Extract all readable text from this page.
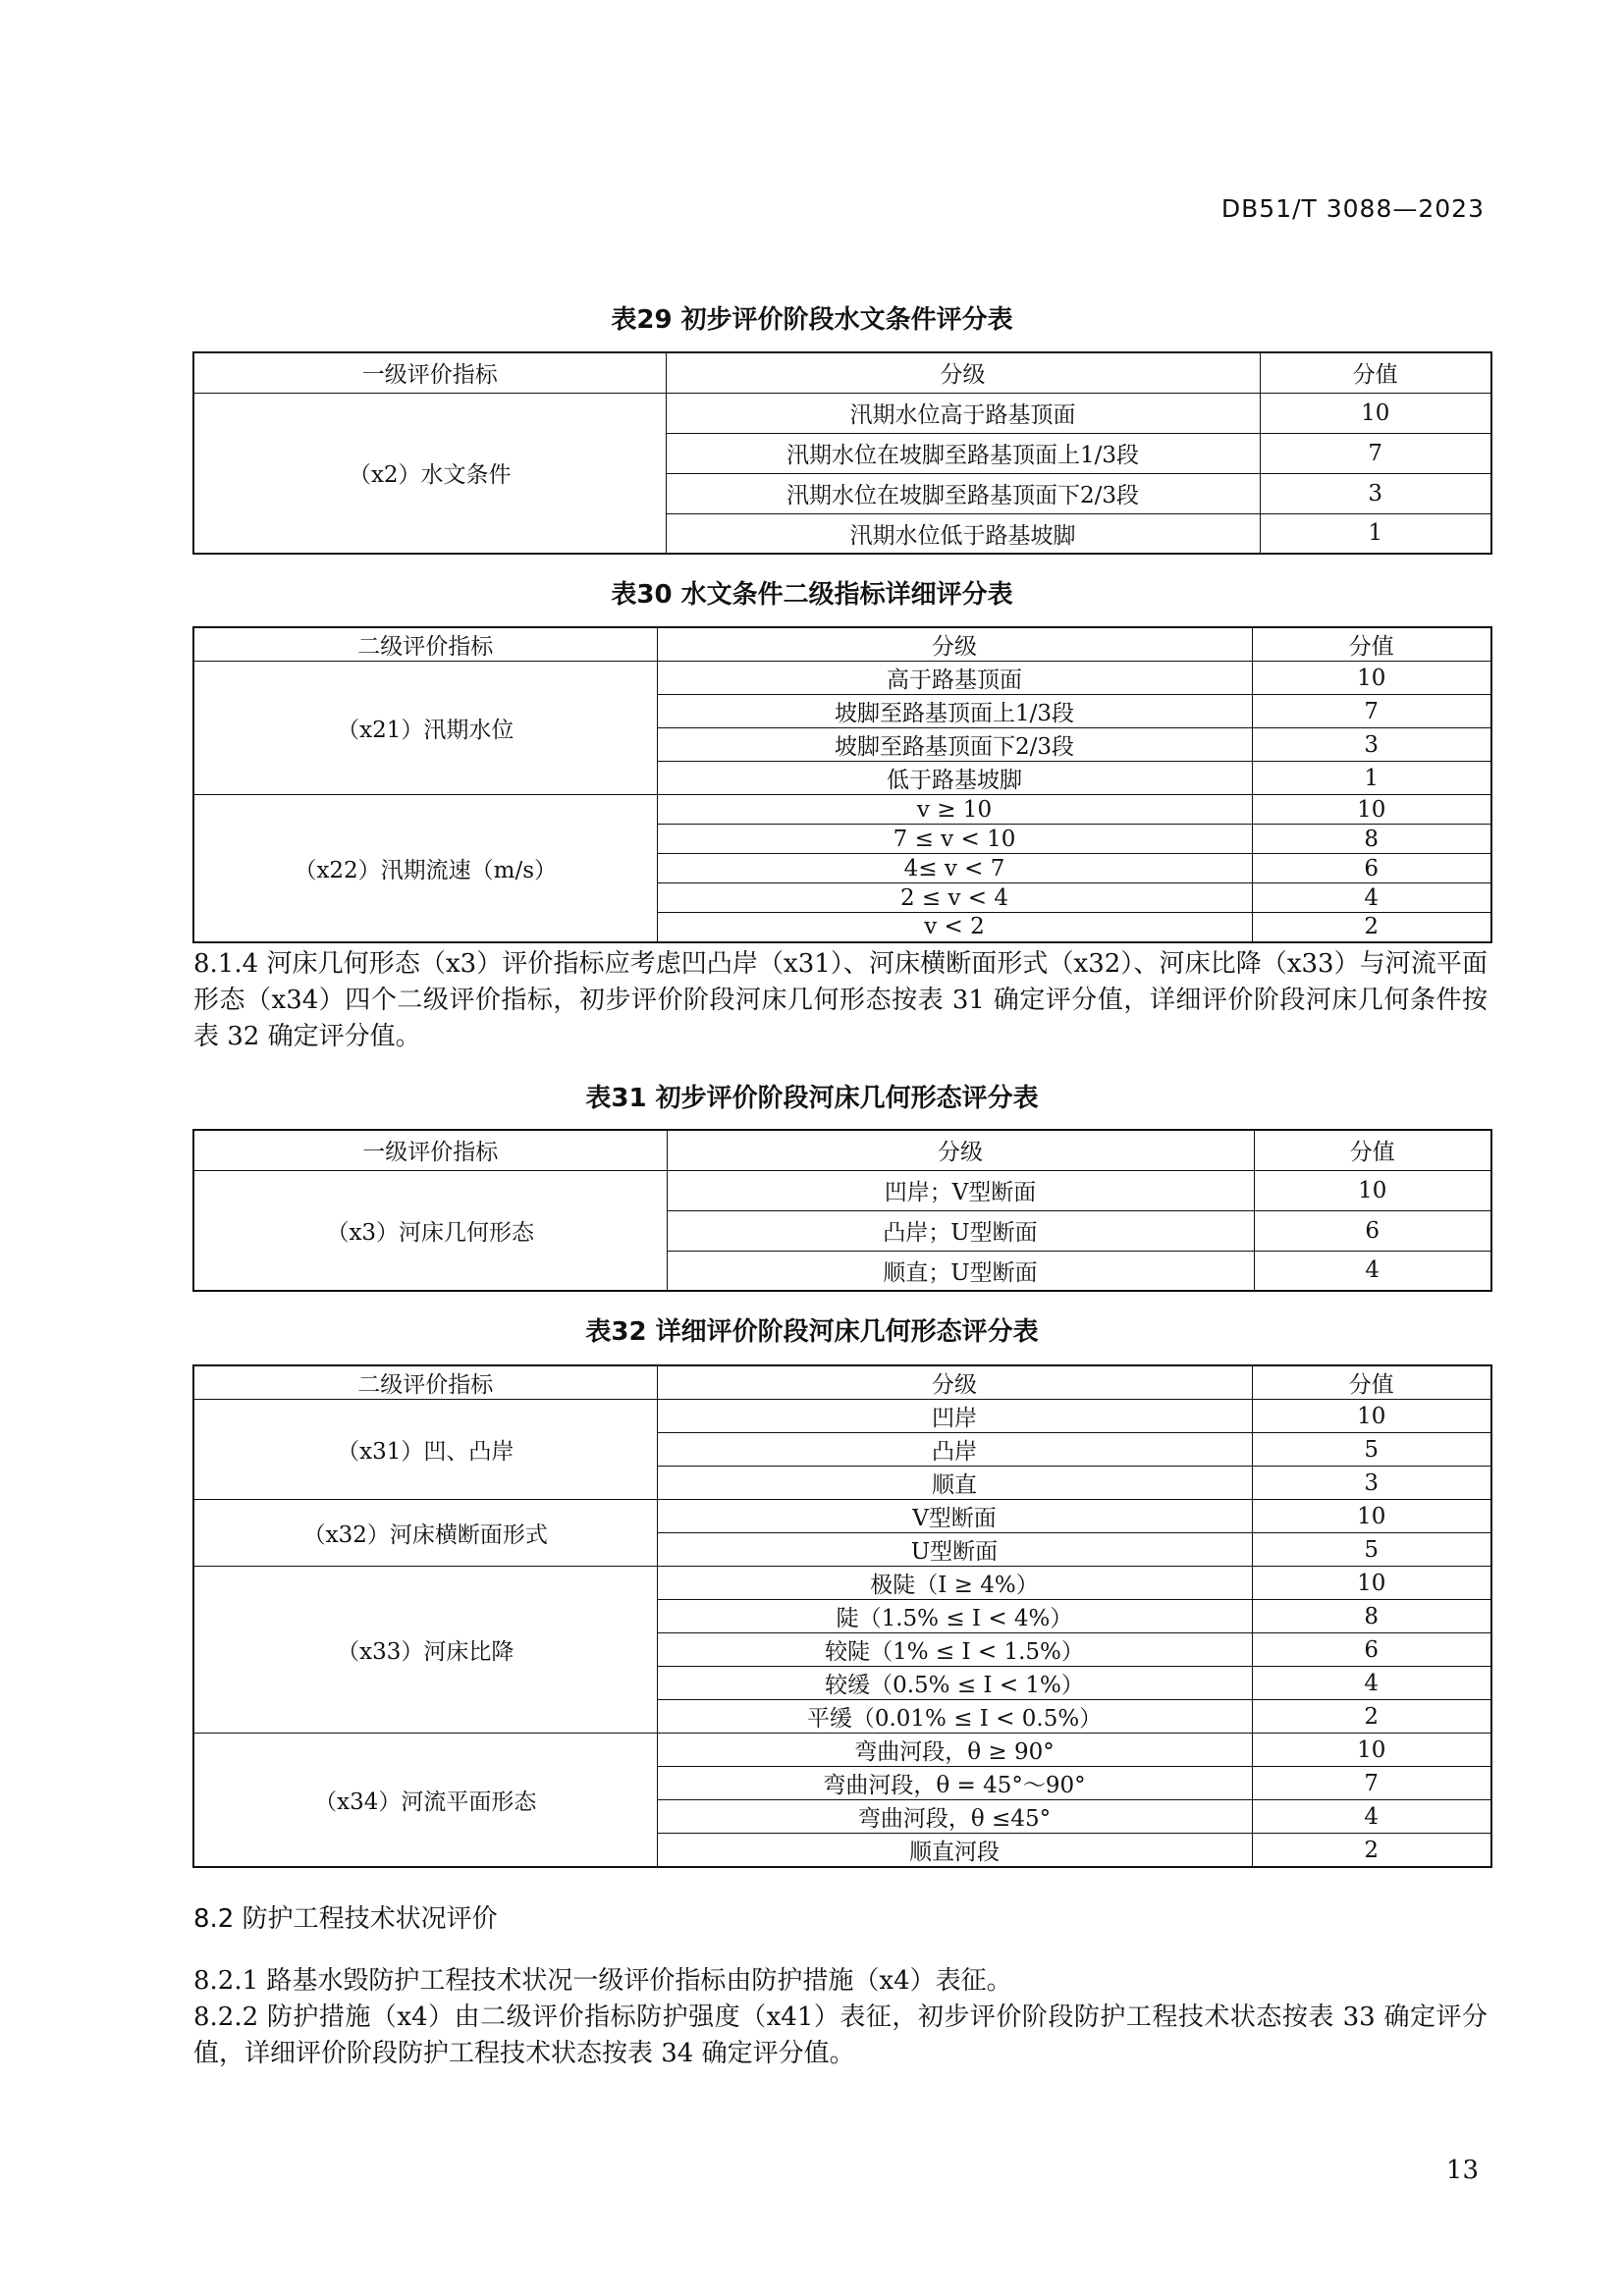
DB51/T 3088—2023
表29 初步评价阶段水文条件评分表
一级评价指标	分级	分值
（x2）水文条件	汛期水位高于路基顶面	10
	汛期水位在坡脚至路基顶面上1/3段	7
	汛期水位在坡脚至路基顶面下2/3段	3
	汛期水位低于路基坡脚	1
表30 水文条件二级指标详细评分表
二级评价指标	分级	分值
（x21）汛期水位	高于路基顶面	10
	坡脚至路基顶面上1/3段	7
	坡脚至路基顶面下2/3段	3
	低于路基坡脚	1
（x22）汛期流速（m/s）	v ≥ 10	10
	7 ≤ v < 10	8
	4≤ v < 7	6
	2 ≤ v < 4	4
	v < 2	2
8.1.4 河床几何形态（x3）评价指标应考虑凹凸岸（x31）、河床横断面形式（x32）、河床比降（x33）与河流平面形态（x34）四个二级评价指标，初步评价阶段河床几何形态按表 31 确定评分值，详细评价阶段河床几何条件按表 32 确定评分值。
表31 初步评价阶段河床几何形态评分表
一级评价指标	分级	分值
（x3）河床几何形态	凹岸；V型断面	10
	凸岸；U型断面	6
	顺直；U型断面	4
表32 详细评价阶段河床几何形态评分表
二级评价指标	分级	分值
（x31）凹、凸岸	凹岸	10
	凸岸	5
	顺直	3
（x32）河床横断面形式	V型断面	10
	U型断面	5
（x33）河床比降	极陡（I ≥ 4%）	10
	陡（1.5% ≤ I < 4%）	8
	较陡（1% ≤ I < 1.5%）	6
	较缓（0.5% ≤ I < 1%）	4
	平缓（0.01% ≤ I < 0.5%）	2
（x34）河流平面形态	弯曲河段，θ ≥ 90°	10
	弯曲河段，θ = 45°～90°	7
	弯曲河段，θ ≤45°	4
	顺直河段	2
8.2 防护工程技术状况评价
8.2.1 路基水毁防护工程技术状况一级评价指标由防护措施（x4）表征。
8.2.2 防护措施（x4）由二级评价指标防护强度（x41）表征，初步评价阶段防护工程技术状态按表 33 确定评分值，详细评价阶段防护工程技术状态按表 34 确定评分值。
13
